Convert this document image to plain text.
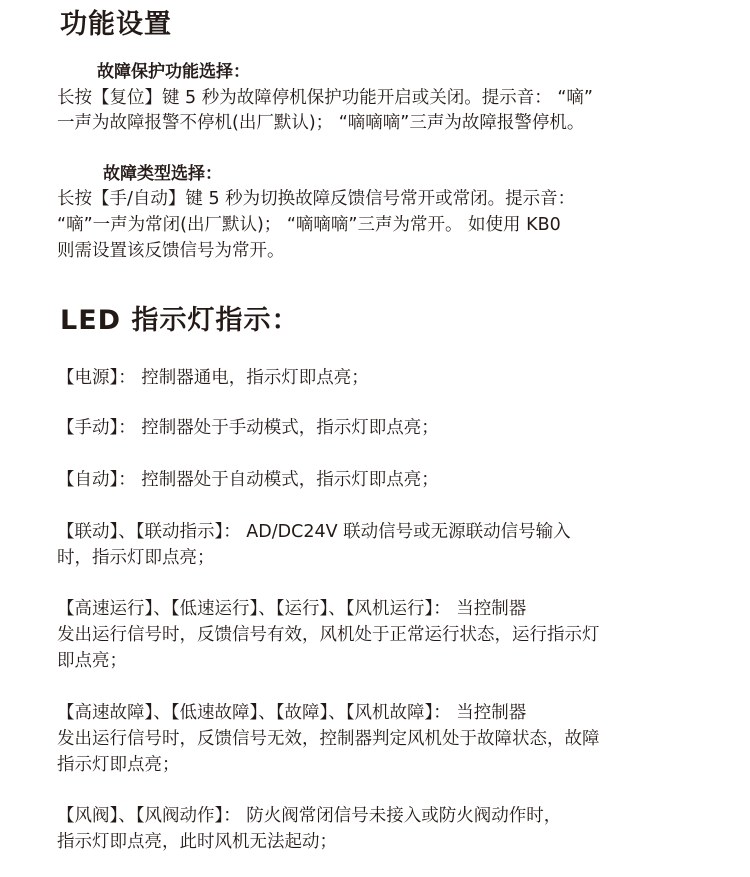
功能设置
故障保护功能选择：
长按【复位】键 5 秒为故障停机保护功能开启或关闭。提示音： “嘀”
一声为故障报警不停机(出厂默认)； “嘀嘀嘀”三声为故障报警停机。
故障类型选择：
长按【手/自动】键 5 秒为切换故障反馈信号常开或常闭。提示音：
“嘀”一声为常闭(出厂默认)； “嘀嘀嘀”三声为常开。 如使用 KB0
则需设置该反馈信号为常开。
LED 指示灯指示：
【电源】： 控制器通电，指示灯即点亮；
【手动】： 控制器处于手动模式，指示灯即点亮；
【自动】： 控制器处于自动模式，指示灯即点亮；
【联动】、【联动指示】： AD/DC24V 联动信号或无源联动信号输入
时，指示灯即点亮；
【高速运行】、【低速运行】、【运行】、【风机运行】： 当控制器
发出运行信号时，反馈信号有效，风机处于正常运行状态，运行指示灯
即点亮；
【高速故障】、【低速故障】、【故障】、【风机故障】： 当控制器
发出运行信号时，反馈信号无效，控制器判定风机处于故障状态，故障
指示灯即点亮；
【风阀】、【风阀动作】： 防火阀常闭信号未接入或防火阀动作时，
指示灯即点亮，此时风机无法起动；
